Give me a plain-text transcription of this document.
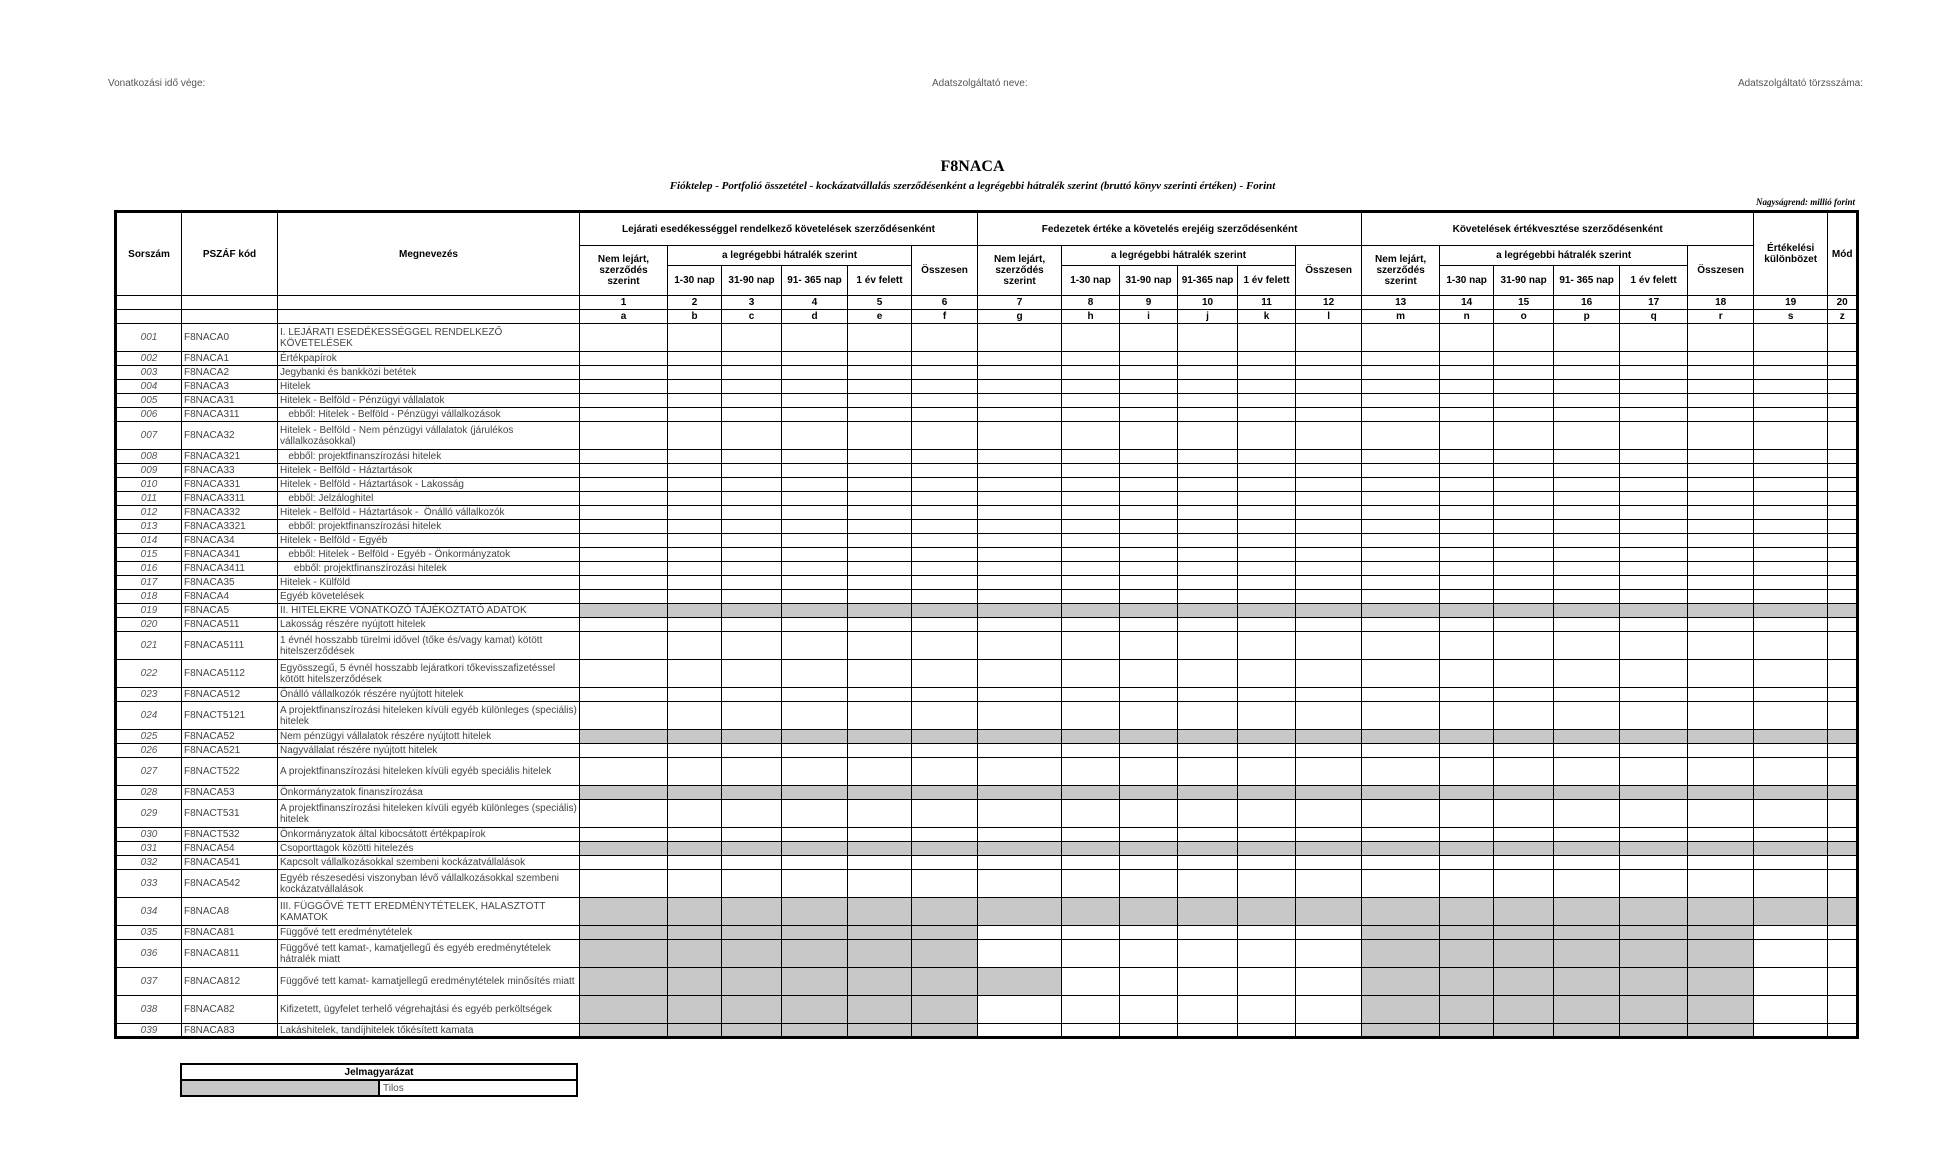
Vonatkozási idő vége:	Adatszolgáltató neve:	Adatszolgáltató törzsszáma:
F8NACA
Fióktelep - Portfolió összetétel - kockázatvállalás szerződésenként a legrégebbi hátralék szerint (bruttó könyv szerinti értéken) - Forint
Nagyságrend: millió forint
Sorszám	PSZÁF kód	Megnevezés	Lejárati esedékességgel rendelkező követelések szerződésenként						Fedezetek értéke a követelés erejéig szerződésenként						Követelések értékvesztése szerződésenként						Értékelési különbözet	Mód
			Nem lejárt, szerződés szerint	a legrégebbi hátralék szerint				Összesen	Nem lejárt, szerződés szerint	a legrégebbi hátralék szerint				Összesen	Nem lejárt, szerződés szerint	a legrégebbi hátralék szerint				Összesen		
				1-30 nap	31-90 nap	91- 365 nap	1 év felett			1-30 nap	31-90 nap	91-365 nap	1 év felett			1-30 nap	31-90 nap	91- 365 nap	1 év felett			
			1	2	3	4	5	6	7	8	9	10	11	12	13	14	15	16	17	18	19	20
			a	b	c	d	e	f	g	h	i	j	k	l	m	n	o	p	q	r	s	z
001	F8NACA0	I. LEJÁRATI ESEDÉKESSÉGGEL RENDELKEZŐ KÖVETELÉSEK																				
002	F8NACA1	Értékpapírok																				
003	F8NACA2	Jegybanki és bankközi betétek																				
004	F8NACA3	Hitelek																				
005	F8NACA31	Hitelek - Belföld - Pénzügyi vállalatok																				
006	F8NACA311	ebből: Hitelek - Belföld - Pénzügyi vállalkozások																				
007	F8NACA32	Hitelek - Belföld - Nem pénzügyi vállalatok (járulékos vállalkozásokkal)																				
008	F8NACA321	ebből: projektfinanszírozási hitelek																				
009	F8NACA33	Hitelek - Belföld - Háztartások																				
010	F8NACA331	Hitelek - Belföld - Háztartások - Lakosság																				
011	F8NACA3311	ebből: Jelzáloghitel																				
012	F8NACA332	Hitelek - Belföld - Háztartások -  Önálló vállalkozók																				
013	F8NACA3321	ebből: projektfinanszírozási hitelek																				
014	F8NACA34	Hitelek - Belföld - Egyéb																				
015	F8NACA341	ebből: Hitelek - Belföld - Egyéb - Önkormányzatok																				
016	F8NACA3411	ebből: projektfinanszírozási hitelek																				
017	F8NACA35	Hitelek - Külföld																				
018	F8NACA4	Egyéb követelések																				
019	F8NACA5	II. HITELEKRE VONATKOZÓ TÁJÉKOZTATÓ ADATOK																				
020	F8NACA511	Lakosság részére nyújtott hitelek																				
021	F8NACA5111	1 évnél hosszabb türelmi idővel (tőke és/vagy kamat) kötött hitelszerződések																				
022	F8NACA5112	Egyösszegű, 5 évnél hosszabb lejáratkori tőkevisszafizetéssel kötött hitelszerződések																				
023	F8NACA512	Önálló vállalkozók részére nyújtott hitelek																				
024	F8NACT5121	A projektfinanszírozási hiteleken kívüli egyéb különleges (speciális) hitelek																				
025	F8NACA52	Nem pénzügyi vállalatok részére nyújtott hitelek																				
026	F8NACA521	Nagyvállalat részére nyújtott hitelek																				
027	F8NACT522	A projektfinanszírozási hiteleken kívüli egyéb speciális hitelek																				
028	F8NACA53	Önkormányzatok finanszírozása																				
029	F8NACT531	A projektfinanszírozási hiteleken kívüli egyéb különleges (speciális) hitelek																				
030	F8NACT532	Önkormányzatok által kibocsátott értékpapírok																				
031	F8NACA54	Csoporttagok közötti hitelezés																				
032	F8NACA541	Kapcsolt vállalkozásokkal szembeni kockázatvállalások																				
033	F8NACA542	Egyéb részesedési viszonyban lévő vállalkozásokkal szembeni kockázatvállalások																				
034	F8NACA8	III. FÜGGŐVÉ TETT EREDMÉNYTÉTELEK, HALASZTOTT KAMATOK																				
035	F8NACA81	Függővé tett eredménytételek																				
036	F8NACA811	Függővé tett kamat-, kamatjellegű és egyéb eredménytételek hátralék miatt																				
037	F8NACA812	Függővé tett kamat- kamatjellegű eredménytételek minősítés miatt																				
038	F8NACA82	Kifizetett, ügyfelet terhelő végrehajtási és egyéb perköltségek																				
039	F8NACA83	Lakáshitelek, tandíjhitelek tőkésített kamata																				
Jelmagyarázat
	Tilos
